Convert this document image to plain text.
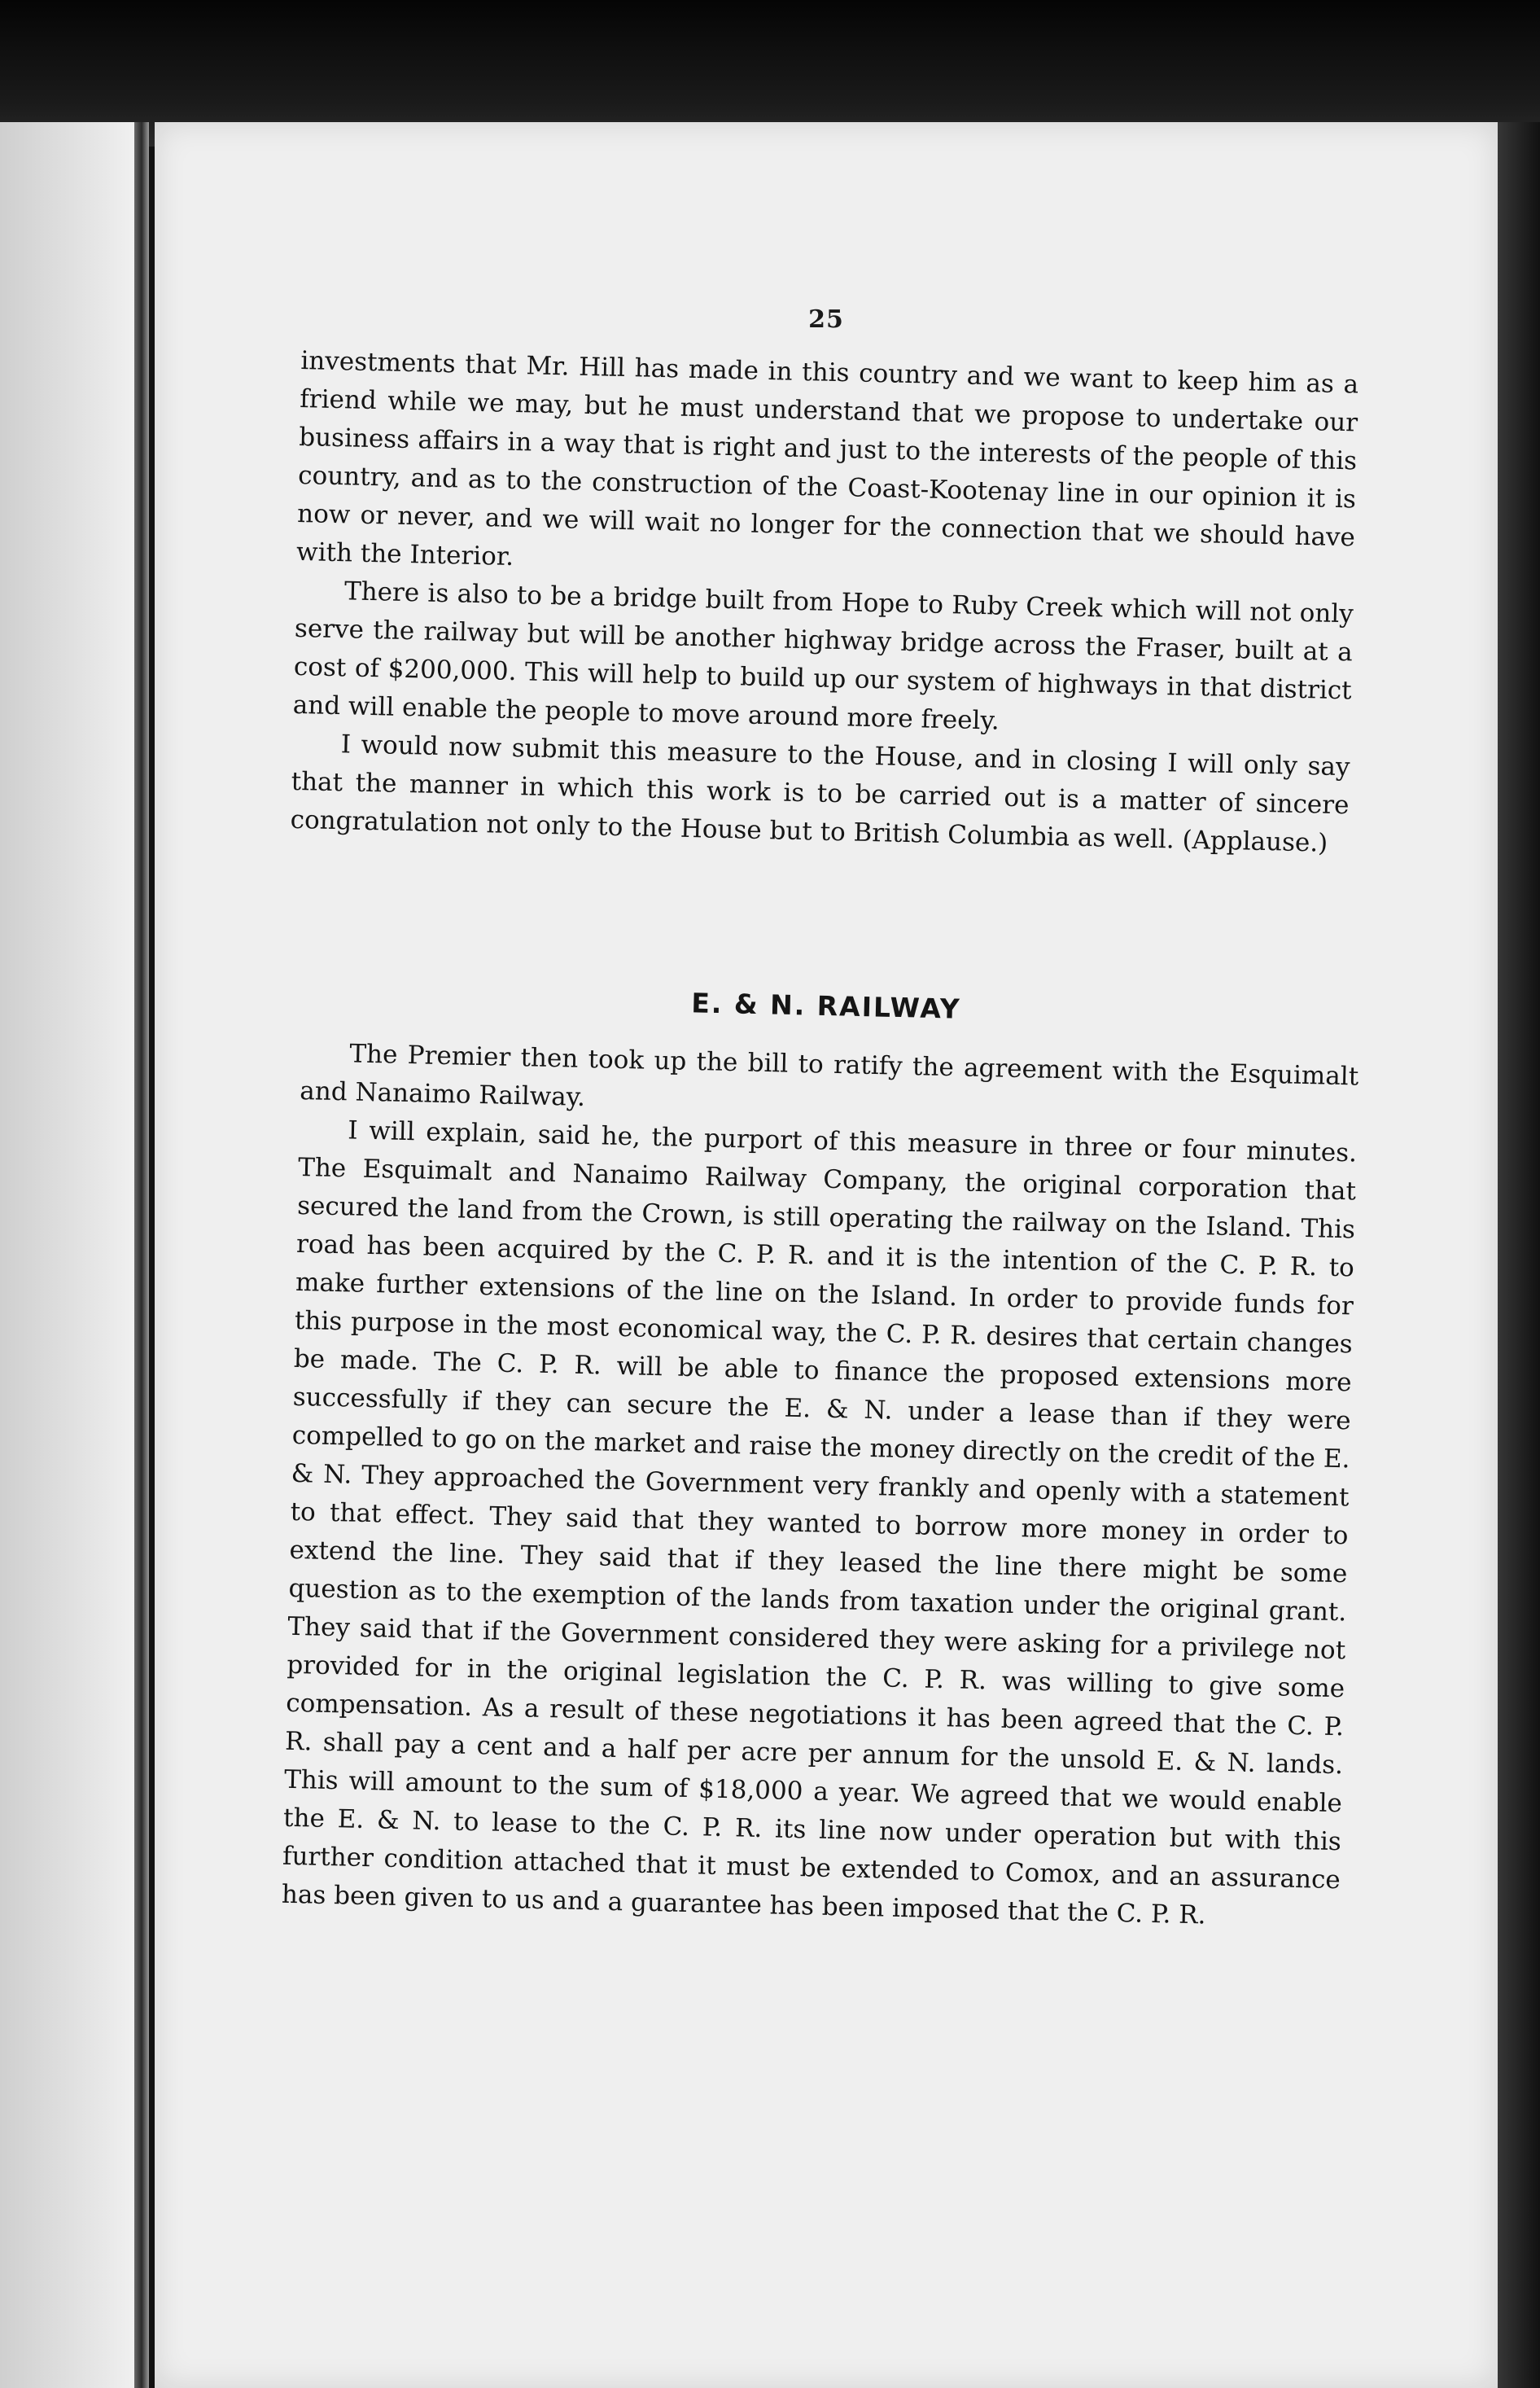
25

investments that Mr. Hill has made in this country and we want to keep him as a friend while we may, but he must understand that we propose to undertake our business affairs in a way that is right and just to the interests of the people of this country, and as to the construction of the Coast-Kootenay line in our opinion it is now or never, and we will wait no longer for the connection that we should have with the Interior.

There is also to be a bridge built from Hope to Ruby Creek which will not only serve the railway but will be another highway bridge across the Fraser, built at a cost of $200,000. This will help to build up our system of highways in that district and will enable the people to move around more freely.

I would now submit this measure to the House, and in closing I will only say that the manner in which this work is to be carried out is a matter of sincere congratulation not only to the House but to British Columbia as well. (Applause.)

E. & N. RAILWAY

The Premier then took up the bill to ratify the agreement with the Esquimalt and Nanaimo Railway.

I will explain, said he, the purport of this measure in three or four minutes. The Esquimalt and Nanaimo Railway Company, the original corporation that secured the land from the Crown, is still operating the railway on the Island. This road has been acquired by the C. P. R. and it is the intention of the C. P. R. to make further extensions of the line on the Island. In order to provide funds for this purpose in the most economical way, the C. P. R. desires that certain changes be made. The C. P. R. will be able to finance the proposed extensions more successfully if they can secure the E. & N. under a lease than if they were compelled to go on the market and raise the money directly on the credit of the E. & N. They approached the Government very frankly and openly with a statement to that effect. They said that they wanted to borrow more money in order to extend the line. They said that if they leased the line there might be some question as to the exemption of the lands from taxation under the original grant. They said that if the Government considered they were asking for a privilege not provided for in the original legislation the C. P. R. was willing to give some compensation. As a result of these negotiations it has been agreed that the C. P. R. shall pay a cent and a half per acre per annum for the unsold E. & N. lands. This will amount to the sum of $18,000 a year. We agreed that we would enable the E. & N. to lease to the C. P. R. its line now under operation but with this further condition attached that it must be extended to Comox, and an assurance has been given to us and a guarantee has been imposed that the C. P. R.
